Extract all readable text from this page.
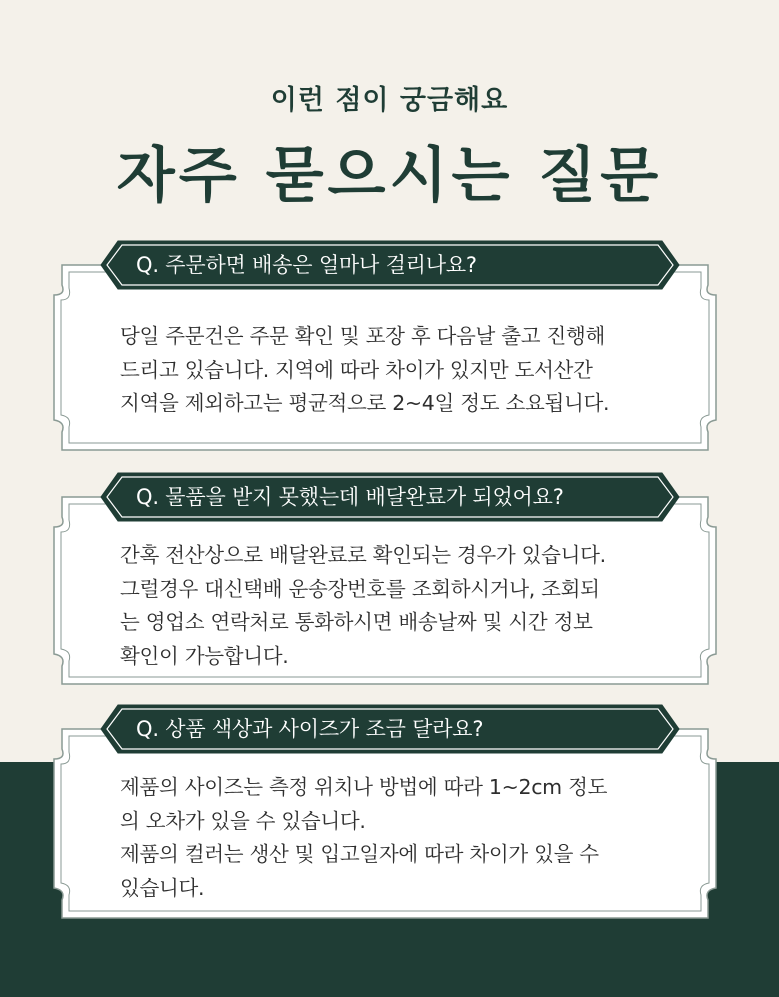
이런 점이 궁금해요
자주 묻으시는 질문
Q. 주문하면 배송은 얼마나 걸리나요?
당일 주문건은 주문 확인 및 포장 후 다음날 출고 진행해
드리고 있습니다. 지역에 따라 차이가 있지만 도서산간
지역을 제외하고는 평균적으로 2~4일 정도 소요됩니다.
Q. 물품을 받지 못했는데 배달완료가 되었어요?
간혹 전산상으로 배달완료로 확인되는 경우가 있습니다.
그럴경우 대신택배 운송장번호를 조회하시거나, 조회되
는 영업소 연락처로 통화하시면 배송날짜 및 시간 정보
확인이 가능합니다.
Q. 상품 색상과 사이즈가 조금 달라요?
제품의 사이즈는 측정 위치나 방법에 따라 1~2cm 정도
의 오차가 있을 수 있습니다.
제품의 컬러는 생산 및 입고일자에 따라 차이가 있을 수
있습니다.
